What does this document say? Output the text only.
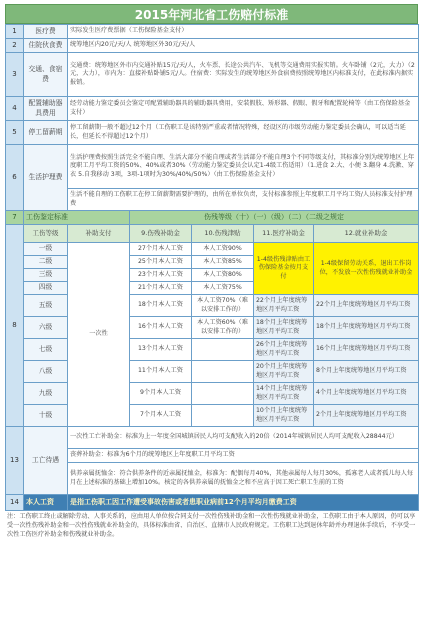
2015年河北省工伤赔付标准
1	医疗费	实际发生医疗费票据（工伤保险基金支付）				
2	住院伙食费	统筹地区内20元/天/人 统筹地区外30元/天/人				
3	交通、食宿费	交通费：统筹地区外市内交通补贴15元/天/人，火车票、长途公共汽车、飞机等交通费用实报实销。火车卧铺（2元，大力）（2元，大力），市内为：直接补贴卧铺5元/人。住宿费：实际发生的统筹地区外食宿费按照统筹地区内标准支付，在此标准内据实报销。				
4	配置辅助器具费用	经劳动能力鉴定委员会鉴定可配置辅助器具的辅助器具费用，安装假肢、矫形器、假眼、假牙和配置轮椅等（由工伤保险基金支付）				
5	停工留薪期	停工留薪期一般不超过12个月（工伤职工是该特别严重或者情况特殊，经设区的市级劳动能力鉴定委员会确认，可以适当延长，但延长不得超过12个月）				
6	生活护理费	生活护理费按照生活完全不能自理、生活大部分不能自理或者生活部分不能自理3个不同等级支付，其标准分别为统筹地区上年度职工月平均工资的50%、40%或者30%（劳动能力鉴定委员会认定1-4级工伤适用）（1.进食 2.大、小便 3.翻身 4.洗漱、穿衣 5.自我移动 3项，3项-1项时为30%/40%/50%）（由工伤保险基金支付）				
		生活不能自理的工伤职工在停工留薪期需要护理的，由所在单位负责，支付标准参照上年度职工月平均工资/人员标准支付护理费				
7	工伤鉴定标准		伤残等级（十）（一）（级）（二）（二级之规定			
8	工伤等级	补助支付	9.伤残补助金	10.伤残津贴	11.医疗补助金	12.就业补助金
	一级	一次性	27个月本人工资	本人工资90%	1-4级伤残津贴由工伤保险基金按月支付	1-4级保留劳动关系，退出工作岗位，不发放一次性伤残就业补助金
	二级		25个月本人工资	本人工资85%		
	三级		23个月本人工资	本人工资80%		
	四级		21个月本人工资	本人工资75%		
	五级		18个月本人工资	本人工资70%（难以安排工作的）	22个月上年度统筹地区月平均工资	22个月上年度统筹地区月平均工资
	六级		16个月本人工资	本人工资60%（难以安排工作的）	18个月上年度统筹地区月平均工资	18个月上年度统筹地区月平均工资
	七级		13个月本人工资		26个月上年度统筹地区月平均工资	16个月上年度统筹地区月平均工资
	八级		11个月本人工资		20个月上年度统筹地区月平均工资	8个月上年度统筹地区月平均工资
	九级		9个月本人工资		14个月上年度统筹地区月平均工资	4个月上年度统筹地区月平均工资
	十级		7个月本人工资		10个月上年度统筹地区月平均工资	2个月上年度统筹地区月平均工资
13	工亡待遇	一次性工亡补助金：标准为上一年度全国城镇居民人均可支配收入的20倍（2014年城镇居民人均可支配收入28844元）				
		丧葬补助金：标准为6个月的统筹地区上年度职工月平均工资				
		供养亲属抚恤金：符合供养条件的近亲属抚恤金，标准为：配偶每月40%，其他亲属每人每月30%，孤寡老人或者孤儿每人每月在上述标准的基础上增加10%。核定的各供养亲属的抚恤金之和不应高于因工死亡职工生前的工资				
14	本人工资	是指工伤职工因工作遭受事故伤害或者患职业病前12个月平均月缴费工资				
注：工伤职工终止或解除劳动、人事关系的，应由用人单位按合同支付一次性伤残补助金和一次性伤残就业补助金，工伤职工由于本人原因，仍可以享受一次性伤残补助金和一次性伤残就业补助金的，具体标准由省、自治区、直辖市人民政府规定。工伤职工达到退休年龄并办理退休手续后，不享受一次性工伤医疗补助金和伤残就业补助金。
